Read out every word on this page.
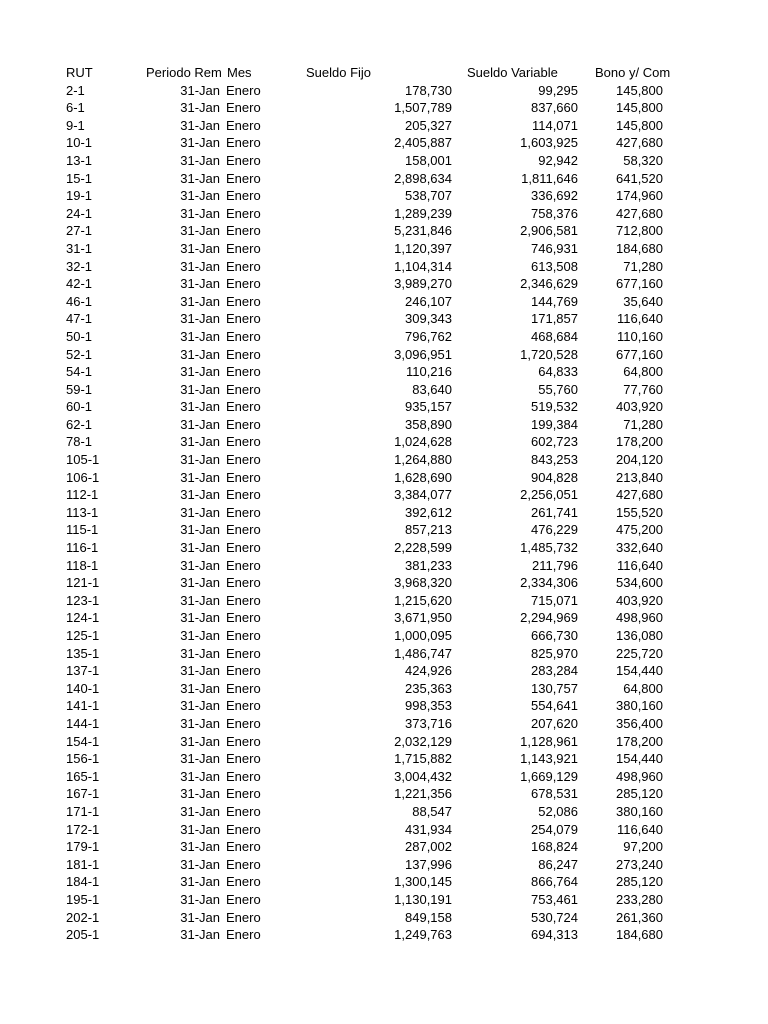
RUT	Periodo Rem Mes	Sueldo Fijo	Sueldo Variable	Bono y/ Com
2-1	31-Jan Enero	178,730	99,295	145,800
6-1	31-Jan Enero	1,507,789	837,660	145,800
9-1	31-Jan Enero	205,327	114,071	145,800
10-1	31-Jan Enero	2,405,887	1,603,925	427,680
13-1	31-Jan Enero	158,001	92,942	58,320
15-1	31-Jan Enero	2,898,634	1,811,646	641,520
19-1	31-Jan Enero	538,707	336,692	174,960
24-1	31-Jan Enero	1,289,239	758,376	427,680
27-1	31-Jan Enero	5,231,846	2,906,581	712,800
31-1	31-Jan Enero	1,120,397	746,931	184,680
32-1	31-Jan Enero	1,104,314	613,508	71,280
42-1	31-Jan Enero	3,989,270	2,346,629	677,160
46-1	31-Jan Enero	246,107	144,769	35,640
47-1	31-Jan Enero	309,343	171,857	116,640
50-1	31-Jan Enero	796,762	468,684	110,160
52-1	31-Jan Enero	3,096,951	1,720,528	677,160
54-1	31-Jan Enero	110,216	64,833	64,800
59-1	31-Jan Enero	83,640	55,760	77,760
60-1	31-Jan Enero	935,157	519,532	403,920
62-1	31-Jan Enero	358,890	199,384	71,280
78-1	31-Jan Enero	1,024,628	602,723	178,200
105-1	31-Jan Enero	1,264,880	843,253	204,120
106-1	31-Jan Enero	1,628,690	904,828	213,840
112-1	31-Jan Enero	3,384,077	2,256,051	427,680
113-1	31-Jan Enero	392,612	261,741	155,520
115-1	31-Jan Enero	857,213	476,229	475,200
116-1	31-Jan Enero	2,228,599	1,485,732	332,640
118-1	31-Jan Enero	381,233	211,796	116,640
121-1	31-Jan Enero	3,968,320	2,334,306	534,600
123-1	31-Jan Enero	1,215,620	715,071	403,920
124-1	31-Jan Enero	3,671,950	2,294,969	498,960
125-1	31-Jan Enero	1,000,095	666,730	136,080
135-1	31-Jan Enero	1,486,747	825,970	225,720
137-1	31-Jan Enero	424,926	283,284	154,440
140-1	31-Jan Enero	235,363	130,757	64,800
141-1	31-Jan Enero	998,353	554,641	380,160
144-1	31-Jan Enero	373,716	207,620	356,400
154-1	31-Jan Enero	2,032,129	1,128,961	178,200
156-1	31-Jan Enero	1,715,882	1,143,921	154,440
165-1	31-Jan Enero	3,004,432	1,669,129	498,960
167-1	31-Jan Enero	1,221,356	678,531	285,120
171-1	31-Jan Enero	88,547	52,086	380,160
172-1	31-Jan Enero	431,934	254,079	116,640
179-1	31-Jan Enero	287,002	168,824	97,200
181-1	31-Jan Enero	137,996	86,247	273,240
184-1	31-Jan Enero	1,300,145	866,764	285,120
195-1	31-Jan Enero	1,130,191	753,461	233,280
202-1	31-Jan Enero	849,158	530,724	261,360
205-1	31-Jan Enero	1,249,763	694,313	184,680
